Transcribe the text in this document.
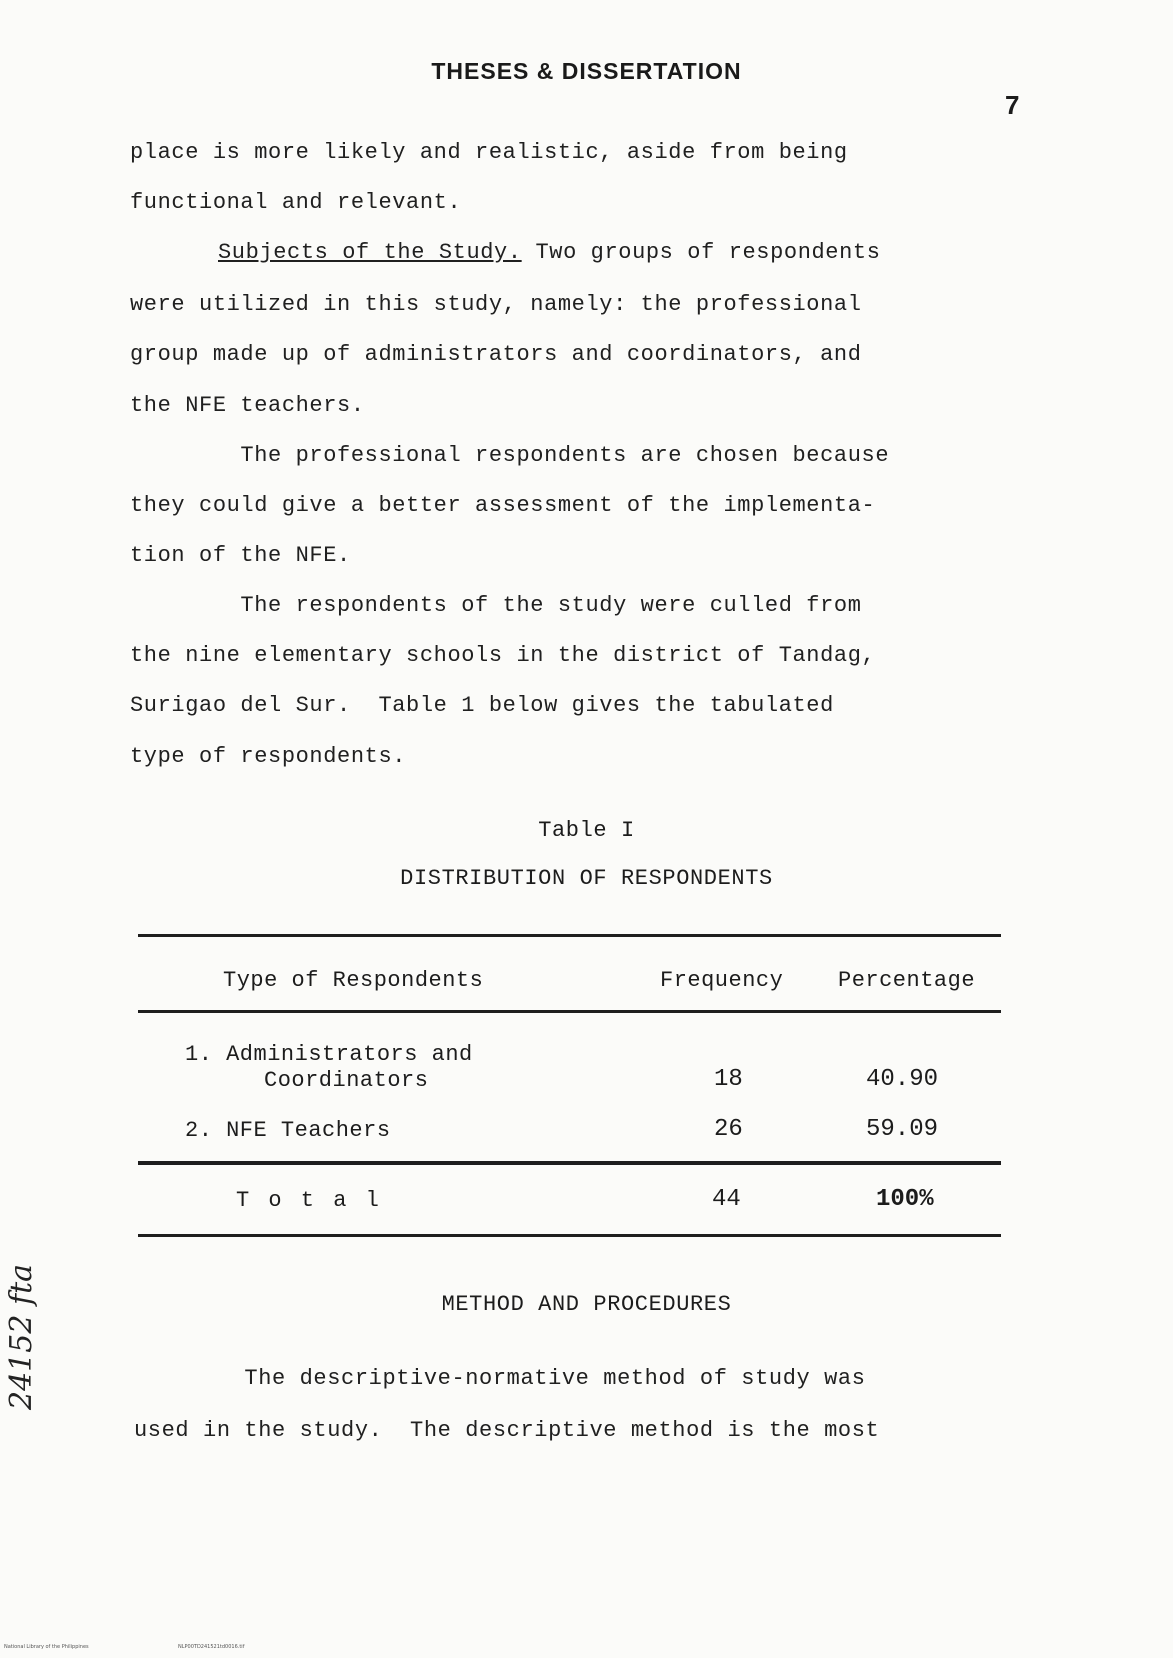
THESES & DISSERTATION
7
place is more likely and realistic, aside from being
functional and relevant.
Subjects of the Study. Two groups of respondents
were utilized in this study, namely: the professional
group made up of administrators and coordinators, and
the NFE teachers.
The professional respondents are chosen because
they could give a better assessment of the implementa-
tion of the NFE.
The respondents of the study were culled from
the nine elementary schools in the district of Tandag,
Surigao del Sur.  Table 1 below gives the tabulated
type of respondents.
Table I
DISTRIBUTION OF RESPONDENTS
Type of Respondents	Frequency Percentage
1. Administrators and
Coordinators	18	40.90
2. NFE Teachers	26	59.09
T o t a l	44	100%
METHOD AND PROCEDURES
The descriptive-normative method of study was
used in the study.  The descriptive method is the most
24152 fta
National Library of the Philippines	NLP00TD241521td0016.tif
